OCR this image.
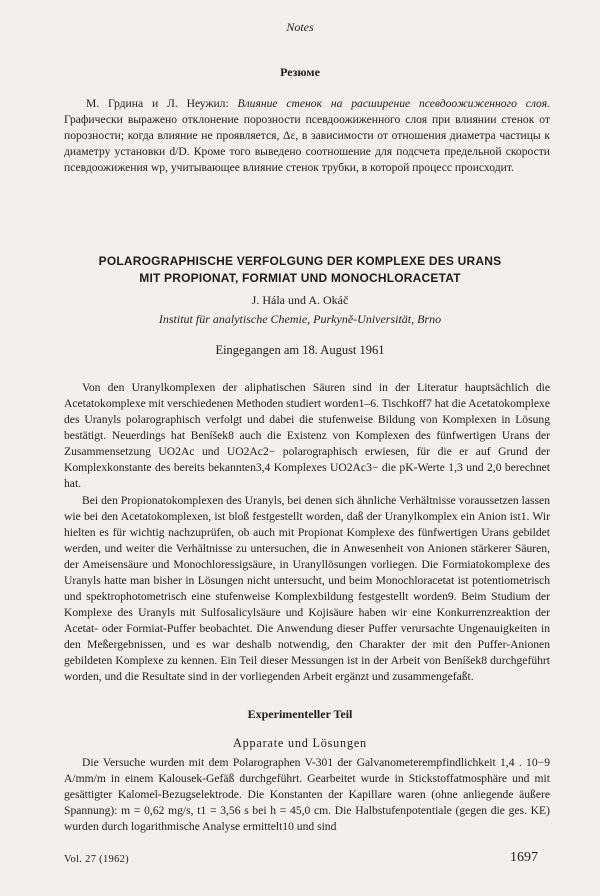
Notes
Резюме
М. Грдина и Л. Неужил: Влияние стенок на расширение псевдоожиженного слоя. Графически выражено отклонение порозности псевдоожиженного слоя при влиянии стенок от порозности; когда влияние не проявляется, Δε, в зависимости от отношения диаметра частицы к диаметру установки d/D. Кроме того выведено соотношение для подсчета предельной скорости псевдоожижения wp, учитывающее влияние стенок трубки, в которой процесс происходит.
POLAROGRAPHISCHE VERFOLGUNG DER KOMPLEXE DES URANS
MIT PROPIONAT, FORMIAT UND MONOCHLORACETAT
J. Hála und A. Okáč
Institut für analytische Chemie, Purkyně-Universität, Brno
Eingegangen am 18. August 1961
Von den Uranylkomplexen der aliphatischen Säuren sind in der Literatur hauptsächlich die Acetatokomplexe mit verschiedenen Methoden studiert worden1–6. Tischkoff7 hat die Acetatokomplexe des Uranyls polarographisch verfolgt und dabei die stufenweise Bildung von Komplexen in Lösung bestätigt. Neuerdings hat Beníšek8 auch die Existenz von Komplexen des fünfwertigen Urans der Zusammensetzung UO2Ac und UO2Ac2− polarographisch erwiesen, für die er auf Grund der Komplexkonstante des bereits bekannten3,4 Komplexes UO2Ac3− die pK-Werte 1,3 und 2,0 berechnet hat.
Bei den Propionatokomplexen des Uranyls, bei denen sich ähnliche Verhältnisse voraussetzen lassen wie bei den Acetatokomplexen, ist bloß festgestellt worden, daß der Uranylkomplex ein Anion ist1. Wir hielten es für wichtig nachzuprüfen, ob auch mit Propionat Komplexe des fünfwertigen Urans gebildet werden, und weiter die Verhältnisse zu untersuchen, die in Anwesenheit von Anionen stärkerer Säuren, der Ameisensäure und Monochloressigsäure, in Uranyllösungen vorliegen. Die Formiatokomplexe des Uranyls hatte man bisher in Lösungen nicht untersucht, und beim Monochloracetat ist potentiometrisch und spektrophotometrisch eine stufenweise Komplexbildung festgestellt worden9. Beim Studium der Komplexe des Uranyls mit Sulfosalicylsäure und Kojisäure haben wir eine Konkurrenzreaktion der Acetat- oder Formiat-Puffer beobachtet. Die Anwendung dieser Puffer verursachte Ungenauigkeiten in den Meßergebnissen, und es war deshalb notwendig, den Charakter der mit den Puffer-Anionen gebildeten Komplexe zu kennen. Ein Teil dieser Messungen ist in der Arbeit von Beníšek8 durchgeführt worden, und die Resultate sind in der vorliegenden Arbeit ergänzt und zusammengefaßt.
Experimenteller Teil
Apparate und Lösungen
Die Versuche wurden mit dem Polarographen V-301 der Galvanometerempfindlichkeit 1,4 . 10−9 A/mm/m in einem Kalousek-Gefäß durchgeführt. Gearbeitet wurde in Stickstoffatmosphäre und mit gesättigter Kalomel-Bezugselektrode. Die Konstanten der Kapillare waren (ohne anliegende äußere Spannung): m = 0,62 mg/s, t1 = 3,56 s bei h = 45,0 cm. Die Halbstufenpotentiale (gegen die ges. KE) wurden durch logarithmische Analyse ermittelt10 und sind
Vol. 27 (1962)	1697
